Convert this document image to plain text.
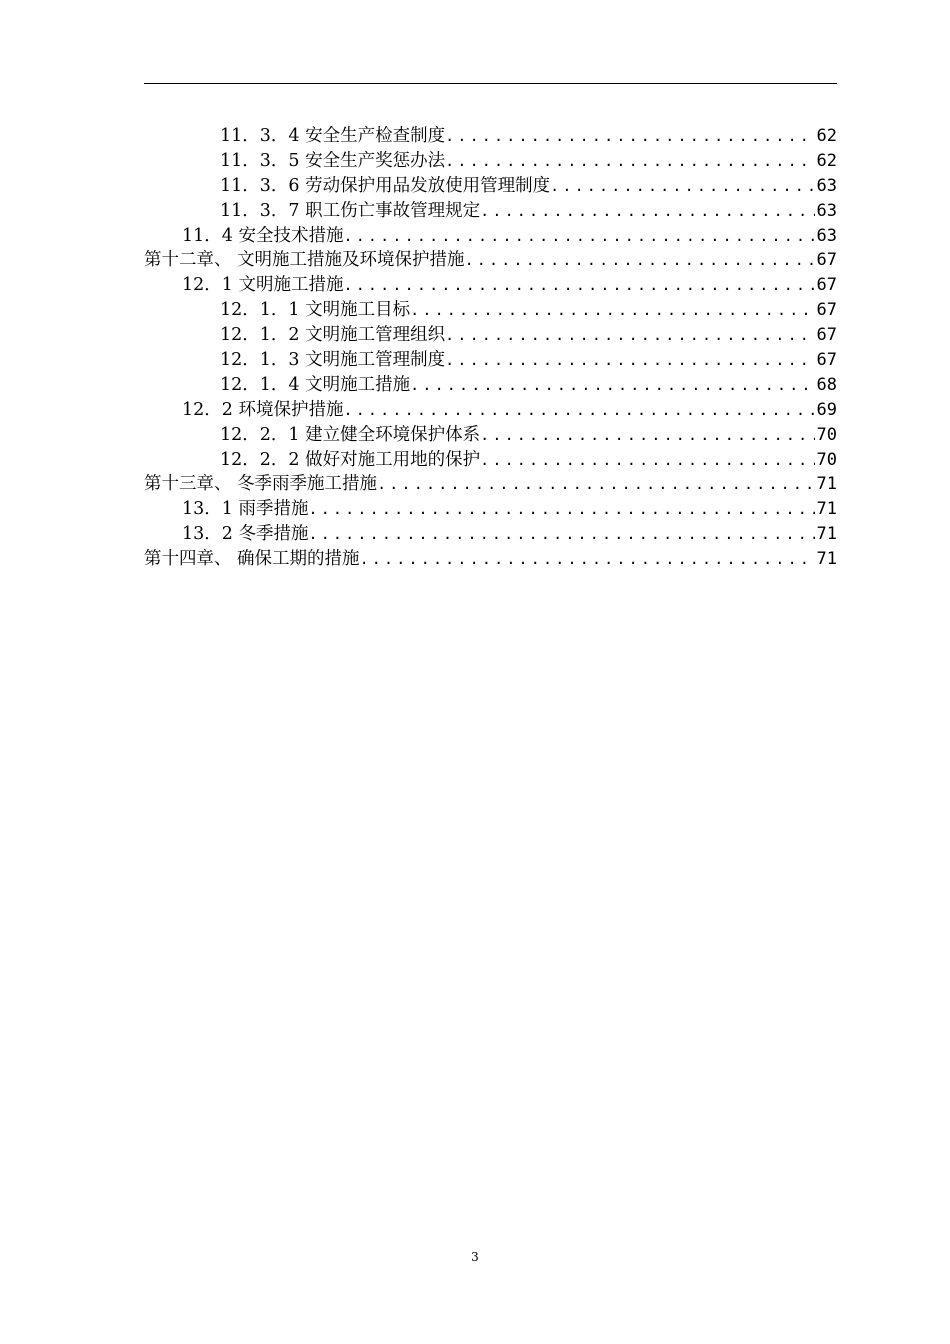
11．3．4 安全生产检查制度 .....	62
11．3．5 安全生产奖惩办法 .....	62
11．3．6 劳动保护用品发放使用管理制度 .....	63
11．3．7 职工伤亡事故管理规定 .....	63
11．4 安全技术措施 .....	63
第十二章、 文明施工措施及环境保护措施 .....	67
12．1 文明施工措施 .....	67
12．1．1 文明施工目标 .....	67
12．1．2 文明施工管理组织 .....	67
12．1．3 文明施工管理制度 .....	67
12．1．4 文明施工措施 .....	68
12．2 环境保护措施 .....	69
12．2．1 建立健全环境保护体系 .....	70
12．2．2 做好对施工用地的保护 .....	70
第十三章、 冬季雨季施工措施 .....	71
13．1 雨季措施 .....	71
13．2 冬季措施 .....	71
第十四章、 确保工期的措施 .....	71
3
